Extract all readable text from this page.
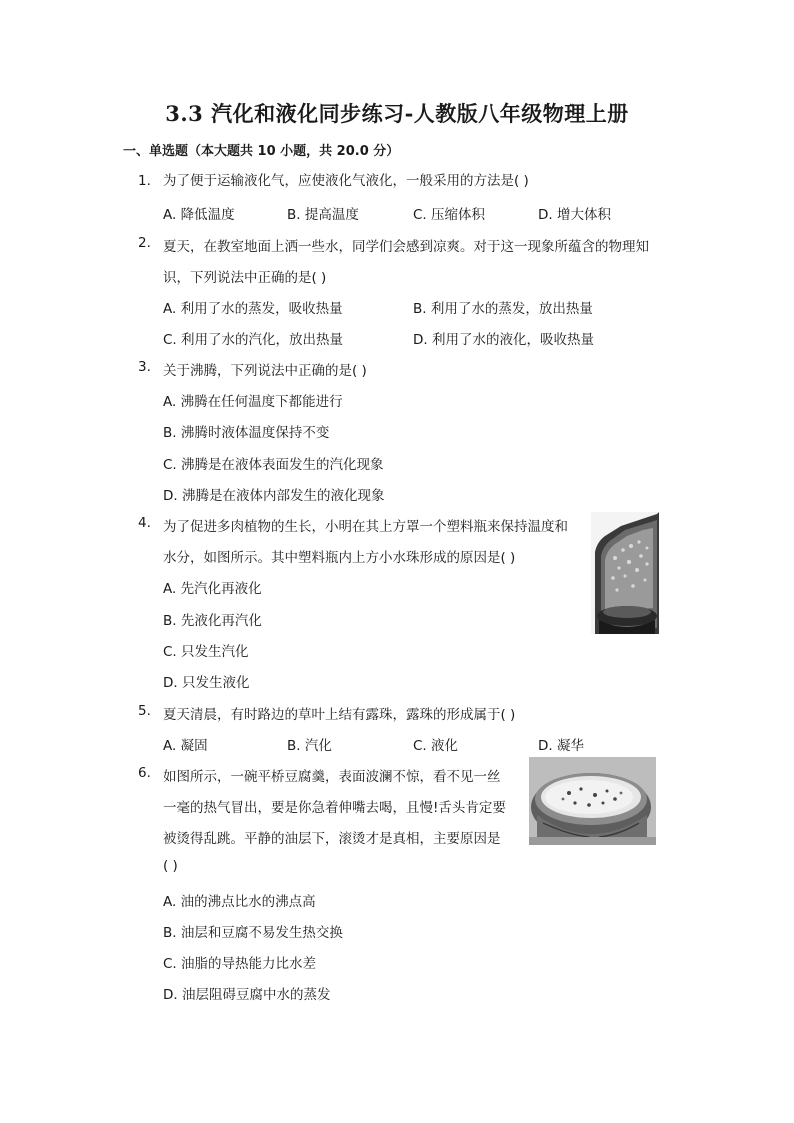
3.3 汽化和液化同步练习-人教版八年级物理上册
一、单选题（本大题共 10 小题，共 20.0 分）
1. 为了便于运输液化气，应使液化气液化，一般采用的方法是( )
A. 降低温度	B. 提高温度	C. 压缩体积	D. 增大体积
2. 夏天，在教室地面上洒一些水，同学们会感到凉爽。对于这一现象所蕴含的物理知
识，下列说法中正确的是( )
A. 利用了水的蒸发，吸收热量	B. 利用了水的蒸发，放出热量
C. 利用了水的汽化，放出热量	D. 利用了水的液化，吸收热量
3. 关于沸腾，下列说法中正确的是( )
A. 沸腾在任何温度下都能进行
B. 沸腾时液体温度保持不变
C. 沸腾是在液体表面发生的汽化现象
D. 沸腾是在液体内部发生的液化现象
4. 为了促进多肉植物的生长，小明在其上方罩一个塑料瓶来保持温度和
水分，如图所示。其中塑料瓶内上方小水珠形成的原因是( )
A. 先汽化再液化
B. 先液化再汽化
C. 只发生汽化
D. 只发生液化
5. 夏天清晨，有时路边的草叶上结有露珠，露珠的形成属于( )
A. 凝固	B. 汽化	C. 液化	D. 凝华
6. 如图所示，一碗平桥豆腐羹，表面波澜不惊，看不见一丝
一毫的热气冒出，要是你急着伸嘴去喝，且慢!舌头肯定要
被烫得乱跳。平静的油层下，滚烫才是真相，主要原因是
( )
A. 油的沸点比水的沸点高
B. 油层和豆腐不易发生热交换
C. 油脂的导热能力比水差
D. 油层阻碍豆腐中水的蒸发
